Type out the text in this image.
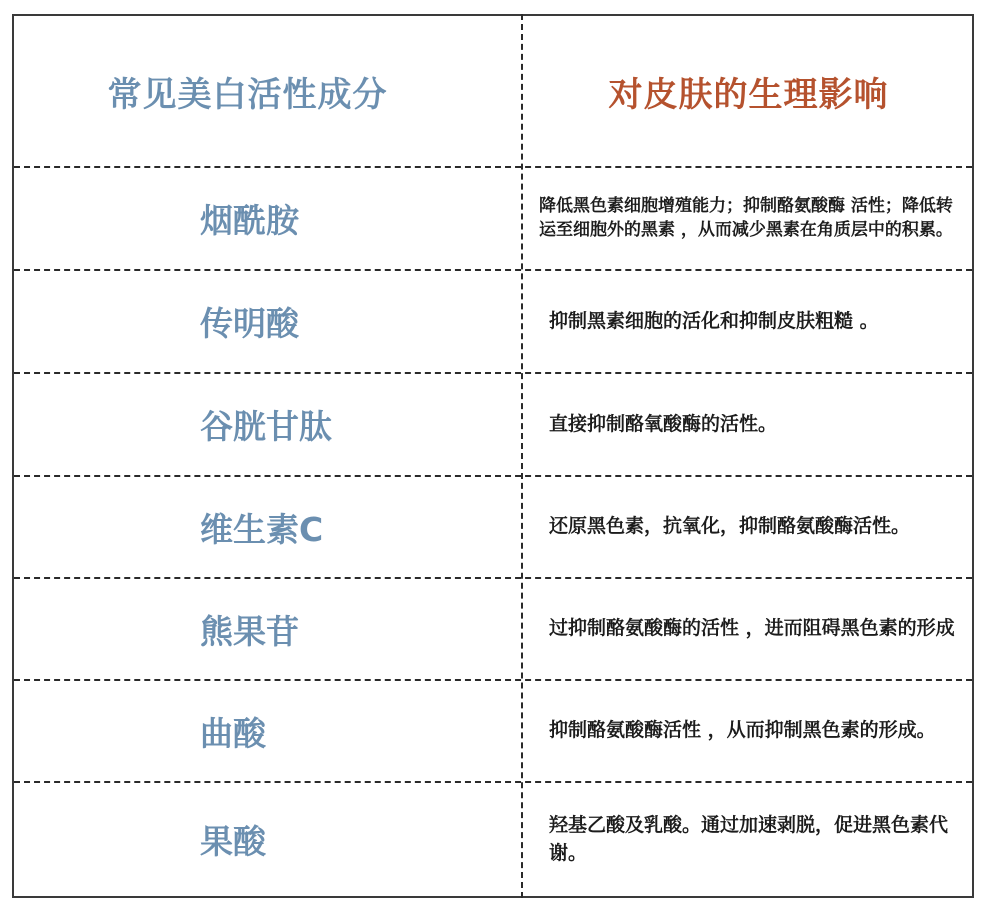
常见美白活性成分	对皮肤的生理影响
烟酰胺	降低黑色素细胞增殖能力；抑制酪氨酸酶 活性；降低转运至细胞外的黑素 ，从而减少黑素在角质层中的积累。
传明酸	抑制黑素细胞的活化和抑制皮肤粗糙 。
谷胱甘肽	直接抑制酪氧酸酶的活性。
维生素C	还原黑色素，抗氧化，抑制酪氨酸酶活性。
熊果苷	过抑制酪氨酸酶的活性 ，进而阻碍黑色素的形成
曲酸	抑制酪氨酸酶活性 ，从而抑制黑色素的形成。
果酸	羟基乙酸及乳酸。通过加速剥脱，促进黑色素代谢。
